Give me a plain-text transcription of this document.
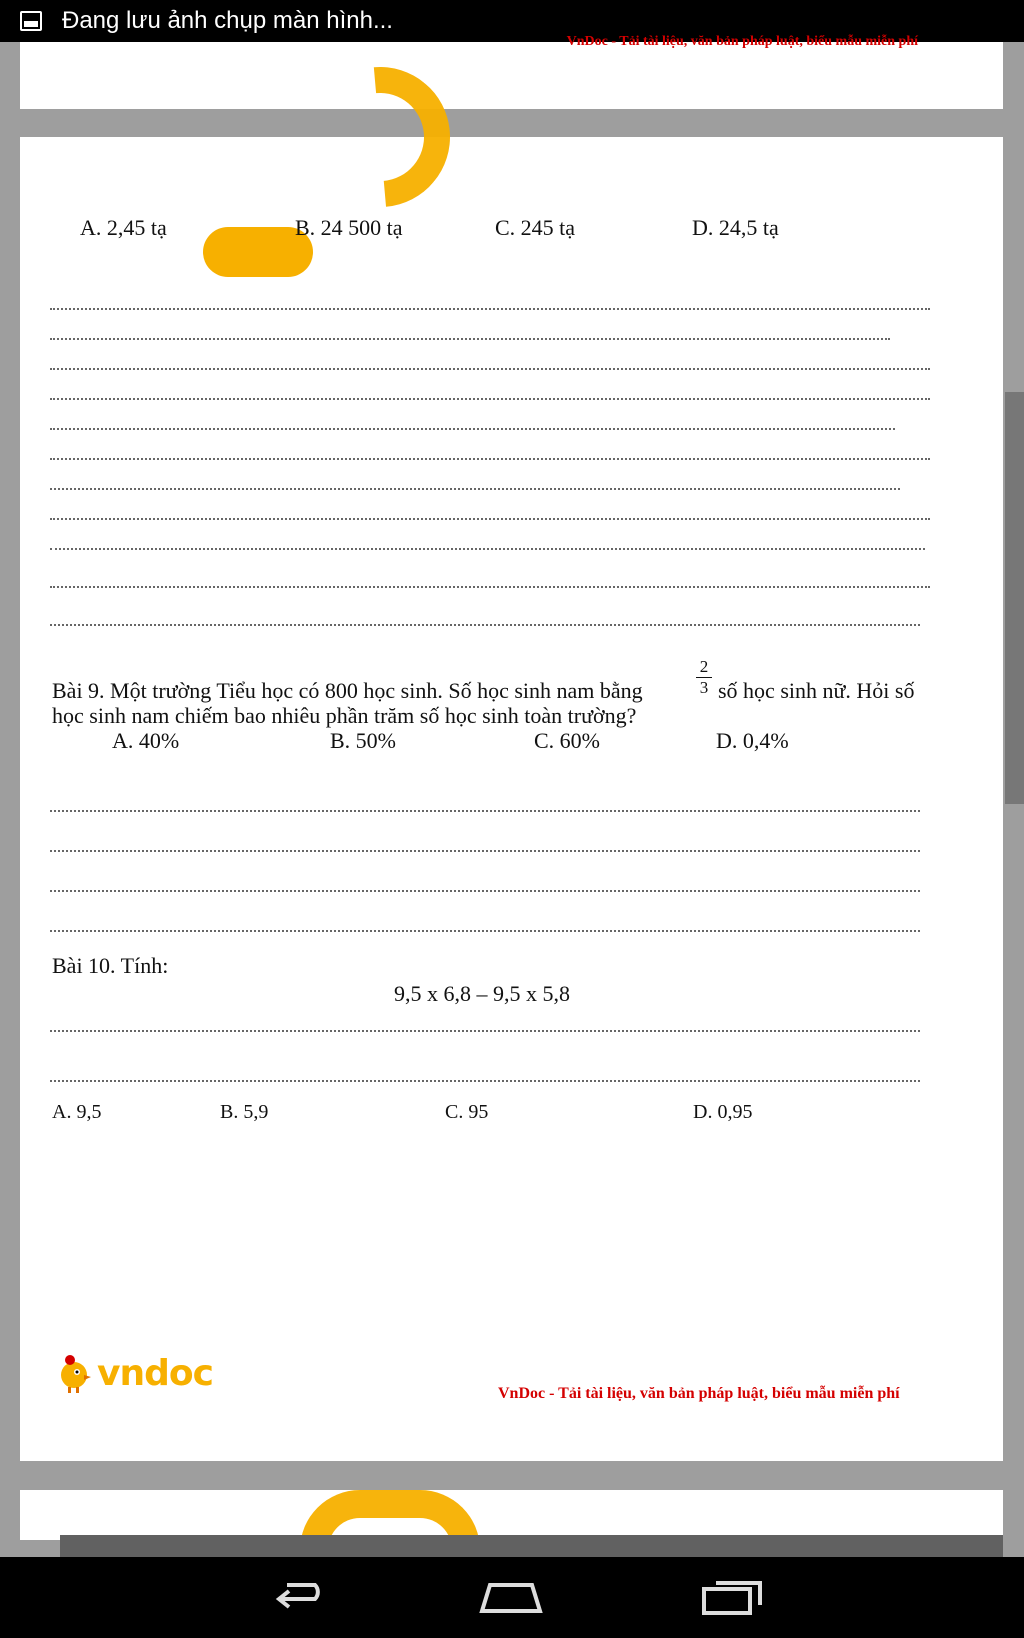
Đang lưu ảnh chụp màn hình...
VnDoc - Tải tài liệu, văn bản pháp luật, biểu mẫu miễn phí
A. 2,45 tạ	B. 24 500 tạ	C. 245 tạ	D. 24,5 tạ
Bài 9. Một trường Tiểu học có 800 học sinh. Số học sinh nam bằng	$\frac{2}{3}$ số học sinh nữ. Hỏi số
học sinh nam chiếm bao nhiêu phần trăm số học sinh toàn trường?
A. 40%	B. 50%	C. 60%	D. 0,4%
Bài 10. Tính:
9,5 x 6,8 – 9,5 x 5,8
A. 9,5	B. 5,9	C. 95	D. 0,95
vndoc	VnDoc - Tải tài liệu, văn bản pháp luật, biểu mẫu miễn phí
